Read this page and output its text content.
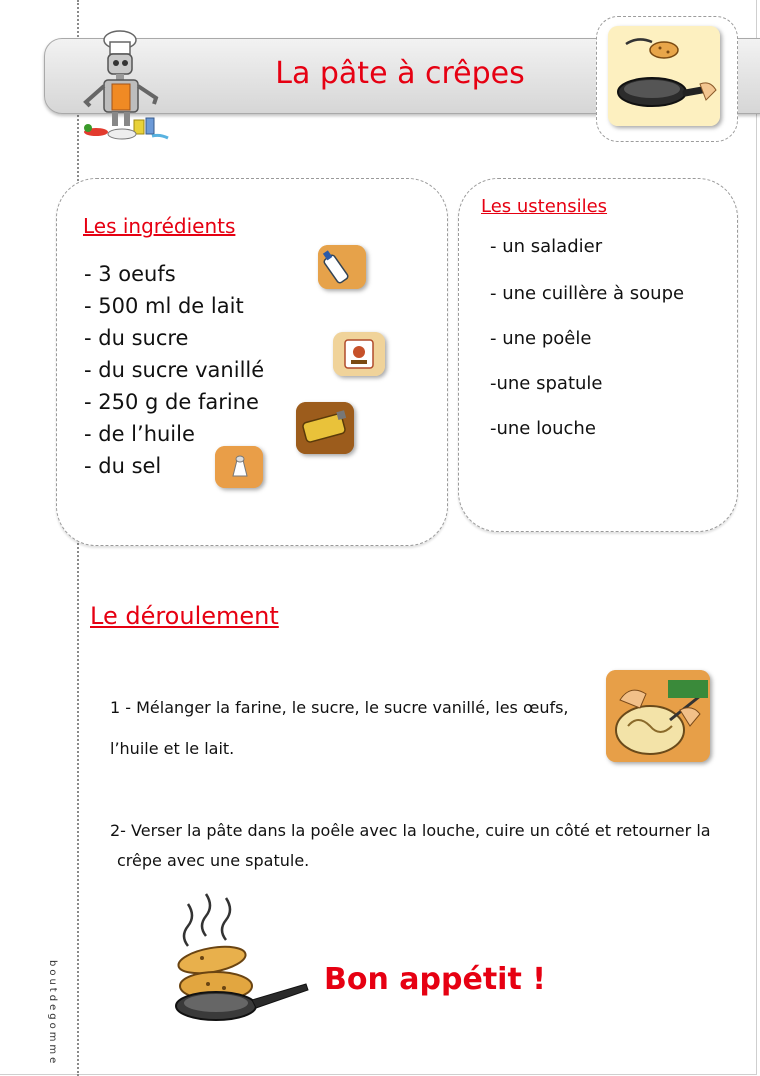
La pâte à crêpes
Les ingrédients
- 3 oeufs
- 500 ml de lait
- du sucre
- du sucre vanillé
- 250 g de farine
- de l’huile
- du sel
Les ustensiles
- un saladier
- une cuillère à soupe
- une poêle
-une spatule
-une louche
Le déroulement
1 - Mélanger la farine, le sucre, le sucre vanillé, les œufs,
l’huile et le lait.
2- Verser la pâte dans la poêle avec la louche, cuire un côté et retourner la
crêpe avec une spatule.
Bon appétit !
boutdegomme
